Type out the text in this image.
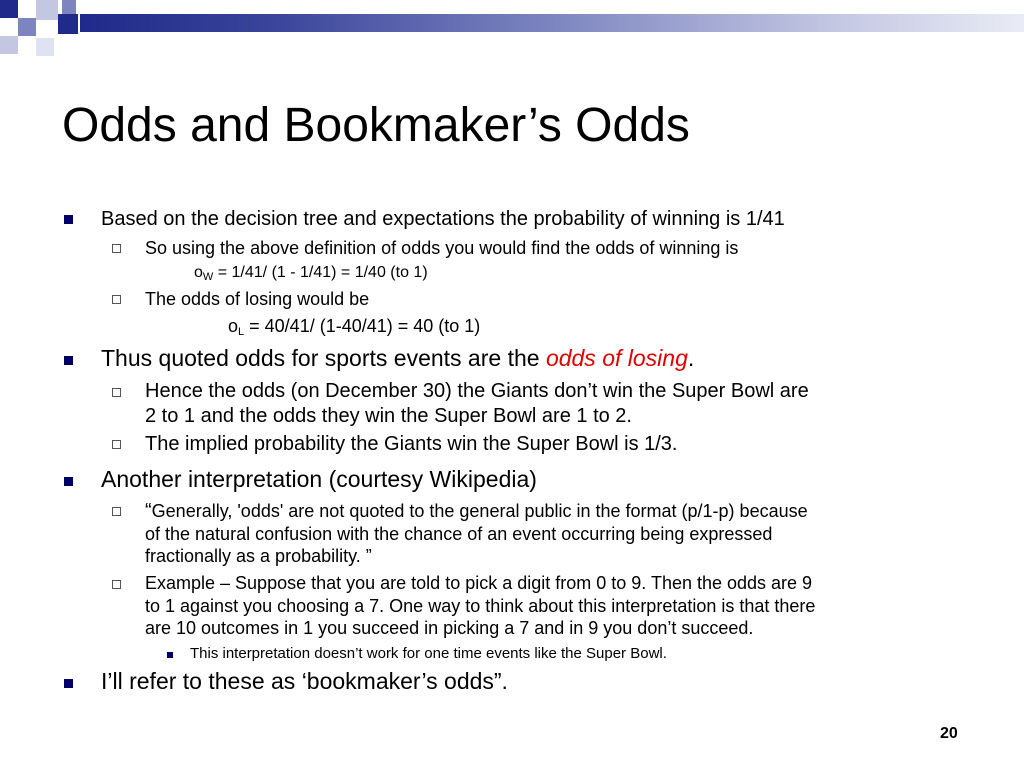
Odds and Bookmaker’s Odds
Based on the decision tree and expectations the probability of winning is 1/41
So using the above definition of odds you would find the odds of winning is
$o_W = 1/41/$ (1 - 1/41) = 1/40 (to 1)
The odds of losing would be
$o_L = 40/41/$ (1-40/41) = 40 (to 1)
Thus quoted odds for sports events are the odds of losing.
Hence the odds (on December 30) the Giants don’t win the Super Bowl are
2 to 1 and the odds they win the Super Bowl are 1 to 2.
The implied probability the Giants win the Super Bowl is 1/3.
Another interpretation (courtesy Wikipedia)
“Generally, 'odds' are not quoted to the general public in the format (p/1-p) because
of the natural confusion with the chance of an event occurring being expressed
fractionally as a probability. ”
Example – Suppose that you are told to pick a digit from 0 to 9. Then the odds are 9
to 1 against you choosing a 7. One way to think about this interpretation is that there
are 10 outcomes in 1 you succeed in picking a 7 and in 9 you don’t succeed.
This interpretation doesn’t work for one time events like the Super Bowl.
I’ll refer to these as ‘bookmaker’s odds”.
20
